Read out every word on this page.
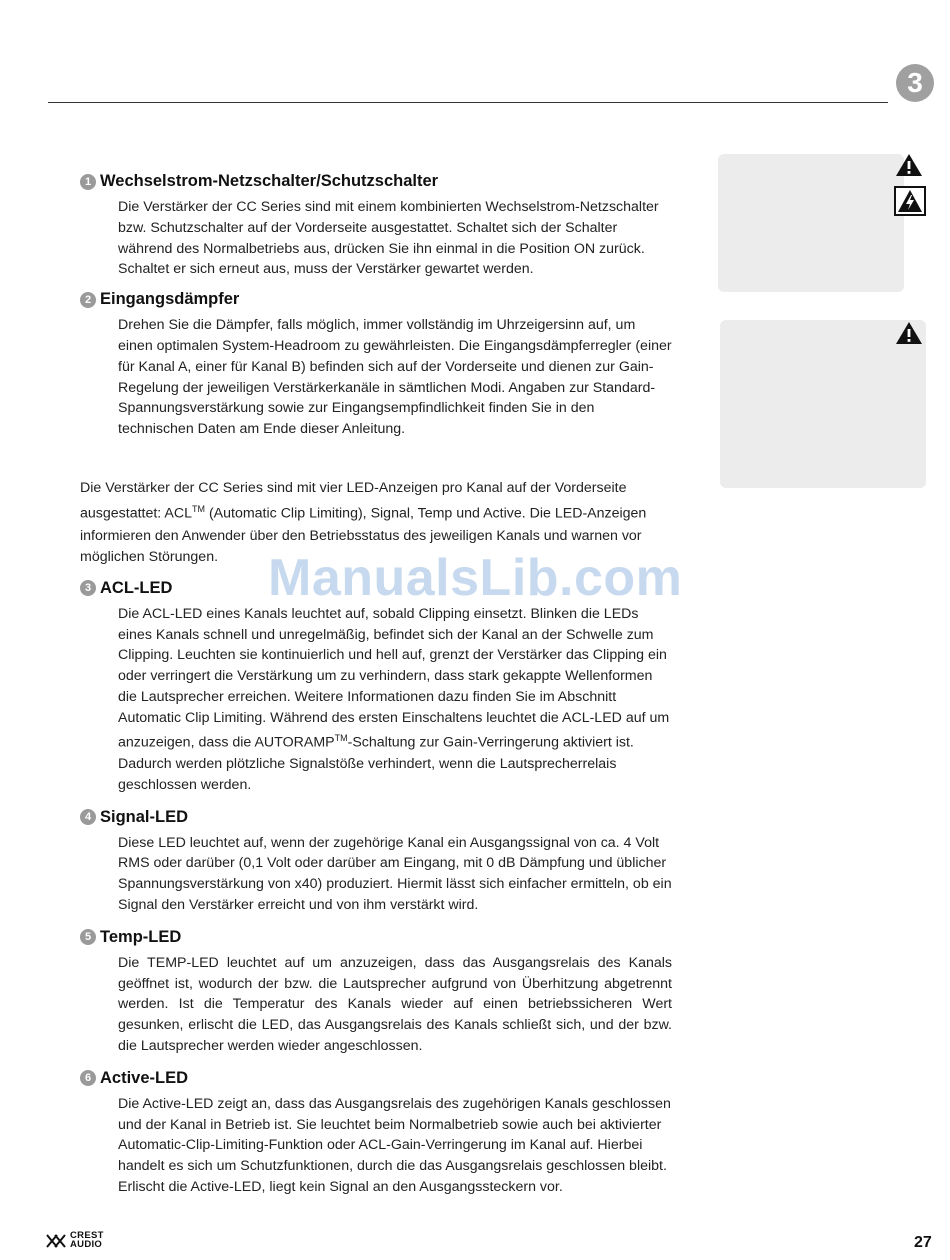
3
1 Wechselstrom-Netzschalter/Schutzschalter

Die Verstärker der CC Series sind mit einem kombinierten Wechselstrom-Netzschalter bzw. Schutzschalter auf der Vorderseite ausgestattet. Schaltet sich der Schalter während des Normalbetriebs aus, drücken Sie ihn einmal in die Position ON zurück. Schaltet er sich erneut aus, muss der Verstärker gewartet werden.

2 Eingangsdämpfer

Drehen Sie die Dämpfer, falls möglich, immer vollständig im Uhrzeigersinn auf, um einen optimalen System-Headroom zu gewährleisten. Die Eingangsdämpferregler (einer für Kanal A, einer für Kanal B) befinden sich auf der Vorderseite und dienen zur Gain-Regelung der jeweiligen Verstärkerkanäle in sämtlichen Modi. Angaben zur Standard-Spannungsverstärkung sowie zur Eingangsempfindlichkeit finden Sie in den technischen Daten am Ende dieser Anleitung.

Die Verstärker der CC Series sind mit vier LED-Anzeigen pro Kanal auf der Vorderseite ausgestattet: ACL™ (Automatic Clip Limiting), Signal, Temp und Active. Die LED-Anzeigen informieren den Anwender über den Betriebsstatus des jeweiligen Kanals und warnen vor möglichen Störungen.

3 ACL-LED

Die ACL-LED eines Kanals leuchtet auf, sobald Clipping einsetzt. Blinken die LEDs eines Kanals schnell und unregelmäßig, befindet sich der Kanal an der Schwelle zum Clipping. Leuchten sie kontinuierlich und hell auf, grenzt der Verstärker das Clipping ein oder verringert die Verstärkung um zu verhindern, dass stark gekappte Wellenformen die Lautsprecher erreichen. Weitere Informationen dazu finden Sie im Abschnitt Automatic Clip Limiting. Während des ersten Einschaltens leuchtet die ACL-LED auf um anzuzeigen, dass die AUTORAMP™-Schaltung zur Gain-Verringerung aktiviert ist. Dadurch werden plötzliche Signalstöße verhindert, wenn die Lautsprecherrelais geschlossen werden.

4 Signal-LED

Diese LED leuchtet auf, wenn der zugehörige Kanal ein Ausgangssignal von ca. 4 Volt RMS oder darüber (0,1 Volt oder darüber am Eingang, mit 0 dB Dämpfung und üblicher Spannungsverstärkung von x40) produziert. Hiermit lässt sich einfacher ermitteln, ob ein Signal den Verstärker erreicht und von ihm verstärkt wird.

5 Temp-LED

Die TEMP-LED leuchtet auf um anzuzeigen, dass das Ausgangsrelais des Kanals geöffnet ist, wodurch der bzw. die Lautsprecher aufgrund von Überhitzung abgetrennt werden. Ist die Temperatur des Kanals wieder auf einen betriebssicheren Wert gesunken, erlischt die LED, das Ausgangsrelais des Kanals schließt sich, und der bzw. die Lautsprecher werden wieder angeschlossen.

6 Active-LED

Die Active-LED zeigt an, dass das Ausgangsrelais des zugehörigen Kanals geschlossen und der Kanal in Betrieb ist. Sie leuchtet beim Normalbetrieb sowie auch bei aktivierter Automatic-Clip-Limiting-Funktion oder ACL-Gain-Verringerung im Kanal auf. Hierbei handelt es sich um Schutzfunktionen, durch die das Ausgangsrelais geschlossen bleibt. Erlischt die Active-LED, liegt kein Signal an den Ausgangssteckern vor.

ManualsLib.com
CREST
AUDIO	27
